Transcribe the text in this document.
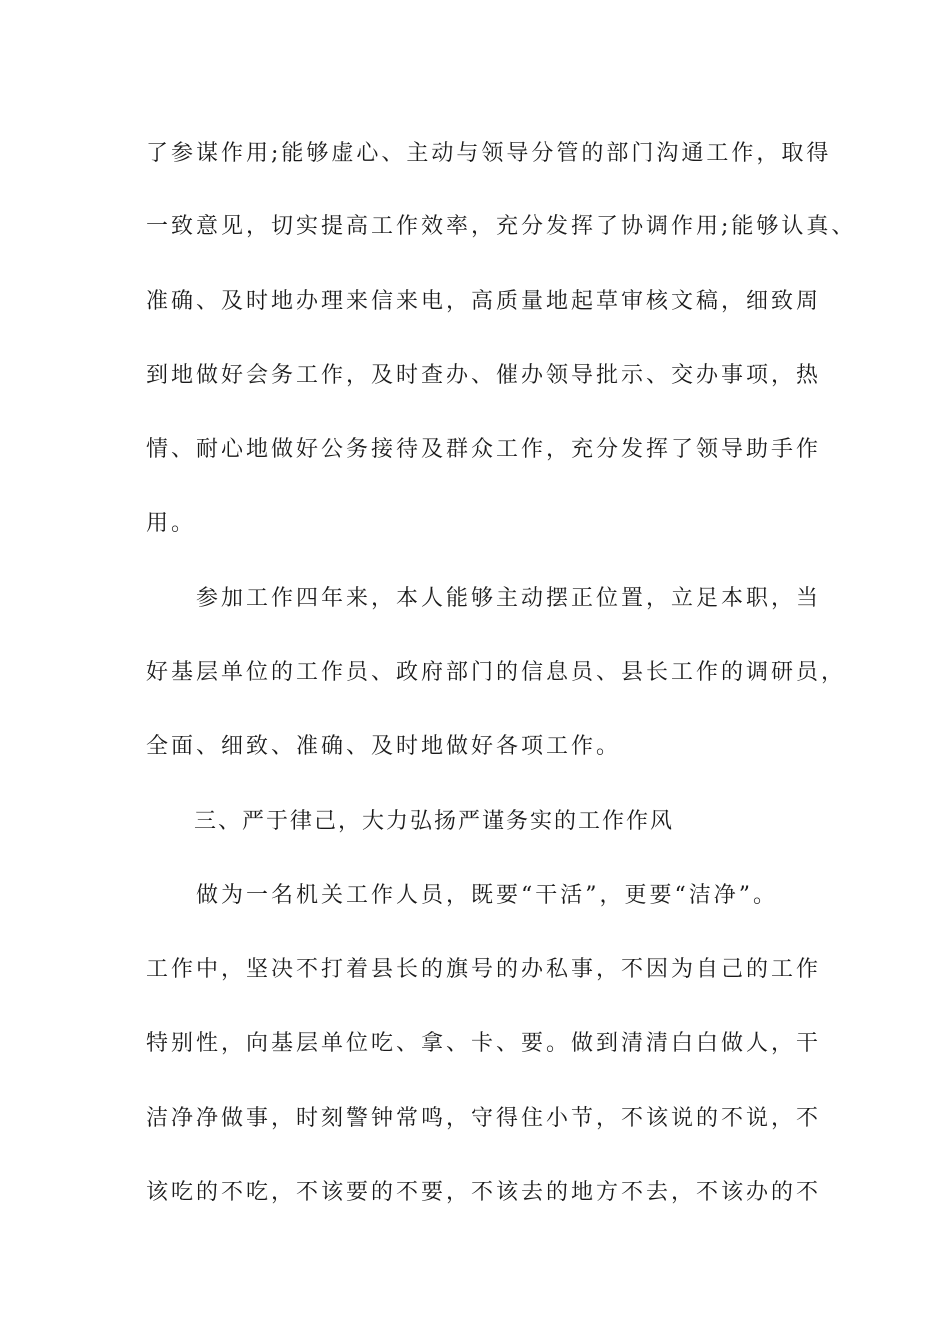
了参谋作用;能够虚心、主动与领导分管的部门沟通工作，取得
一致意见，切实提高工作效率，充分发挥了协调作用;能够认真、
准确、及时地办理来信来电，高质量地起草审核文稿，细致周
到地做好会务工作，及时查办、催办领导批示、交办事项，热
情、耐心地做好公务接待及群众工作，充分发挥了领导助手作
用。
参加工作四年来，本人能够主动摆正位置，立足本职，当
好基层单位的工作员、政府部门的信息员、县长工作的调研员，
全面、细致、准确、及时地做好各项工作。
三、严于律己，大力弘扬严谨务实的工作作风
做为一名机关工作人员，既要“干活”，更要“洁净”。
工作中，坚决不打着县长的旗号的办私事，不因为自己的工作
特别性，向基层单位吃、拿、卡、要。做到清清白白做人，干
洁净净做事，时刻警钟常鸣，守得住小节，不该说的不说，不
该吃的不吃，不该要的不要，不该去的地方不去，不该办的不
